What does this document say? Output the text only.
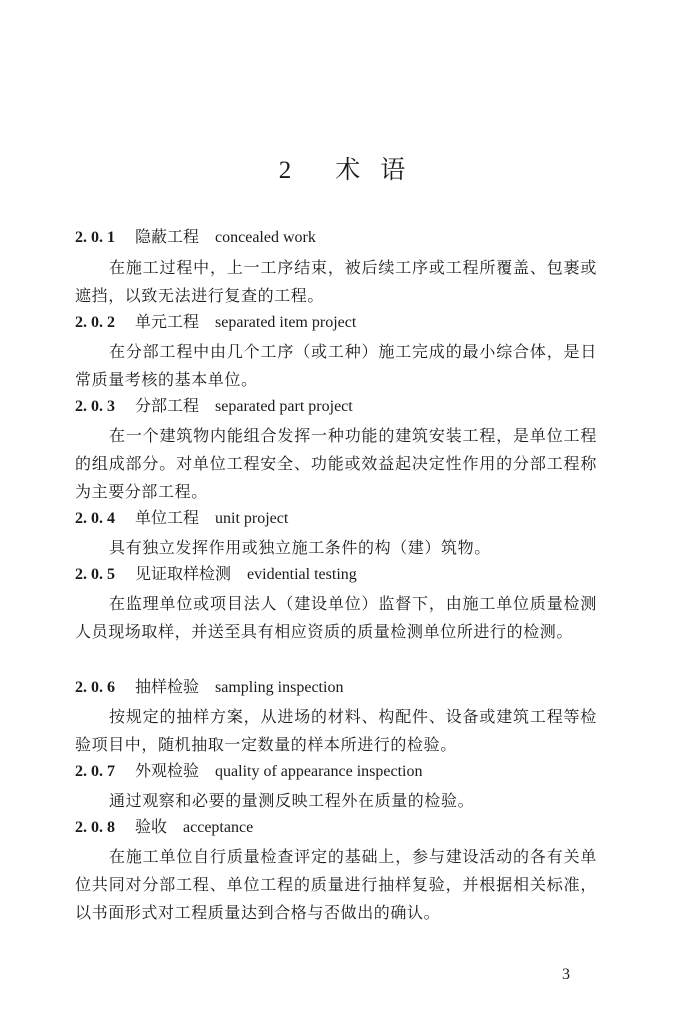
2 术 语
2. 0. 1 隐蔽工程 concealed work
在施工过程中，上一工序结束，被后续工序或工程所覆盖、包裹或遮挡，以致无法进行复查的工程。
2. 0. 2 单元工程 separated item project
在分部工程中由几个工序（或工种）施工完成的最小综合体，是日常质量考核的基本单位。
2. 0. 3 分部工程 separated part project
在一个建筑物内能组合发挥一种功能的建筑安装工程，是单位工程的组成部分。对单位工程安全、功能或效益起决定性作用的分部工程称为主要分部工程。
2. 0. 4 单位工程 unit project
具有独立发挥作用或独立施工条件的构（建）筑物。
2. 0. 5 见证取样检测 evidential testing
在监理单位或项目法人（建设单位）监督下，由施工单位质量检测人员现场取样，并送至具有相应资质的质量检测单位所进行的检测。
2. 0. 6 抽样检验 sampling inspection
按规定的抽样方案，从进场的材料、构配件、设备或建筑工程等检验项目中，随机抽取一定数量的样本所进行的检验。
2. 0. 7 外观检验 quality of appearance inspection
通过观察和必要的量测反映工程外在质量的检验。
2. 0. 8 验收 acceptance
在施工单位自行质量检查评定的基础上，参与建设活动的各有关单位共同对分部工程、单位工程的质量进行抽样复验，并根据相关标准，以书面形式对工程质量达到合格与否做出的确认。
3
